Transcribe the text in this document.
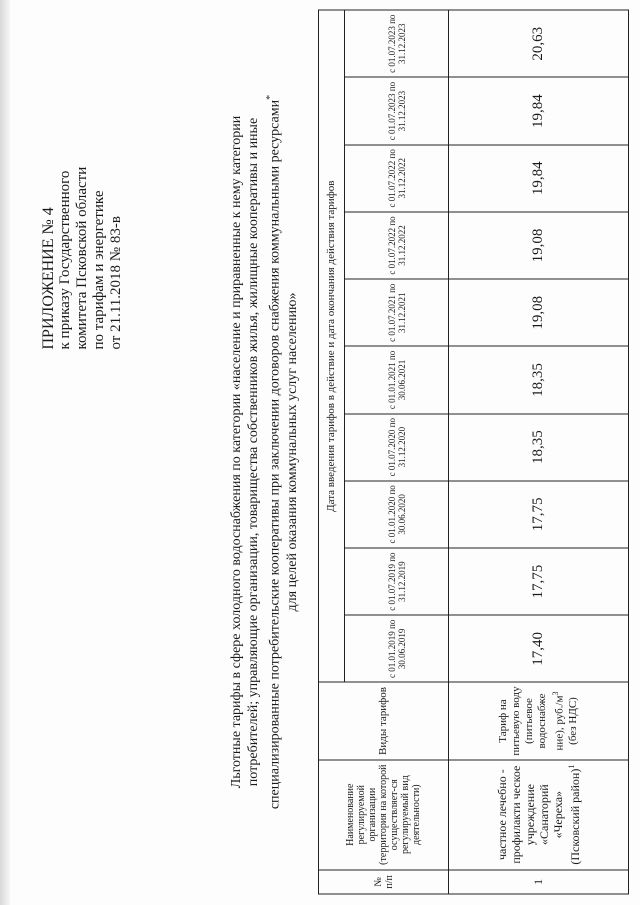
ПРИЛОЖЕНИЕ № 4 к приказу Государственного комитета Псковской области по тарифам и энергетике от 21.11.2018 № 83-в	Льготные тарифы в сфере холодного водоснабжения по категории «население и приравненные к нему категории потребителей; управляющие организации, товарищества собственников жилья, жилищные кооперативы и иные специализированные потребительские кооперативы при заключении договоров снабжения коммунальными ресурсами*
для целей оказания коммунальных услуг населению»
№ п/п	Наименование регулируемой организации (территория на которой осуществляет-ся регулируемый вид деятельности)	Виды тарифов	Дата введения тарифов в действие и дата окончания действия тарифов									
			с 01.01.2019 по 30.06.2019	с 01.07.2019 по 31.12.2019	с 01.01.2020 по 30.06.2020	с 01.07.2020 по 31.12.2020	с 01.01.2021 по 30.06.2021	с 01.07.2021 по 31.12.2021	с 01.07.2022 по 31.12.2022	с 01.07.2022 по 31.12.2022	с 01.07.2023 по 31.12.2023	с 01.07.2023 по 31.12.2023
1	частное лечебно - профилакти ческое учреждение «Санаторий «Череха» (Псковский район)$^1$	Тариф на питьевую воду (питьевое водоснабже ние), $руб./м^3$ (без НДС)	17,40	17,75	17,75	18,35	18,35	19,08	19,08	19,84	19,84	20,63
